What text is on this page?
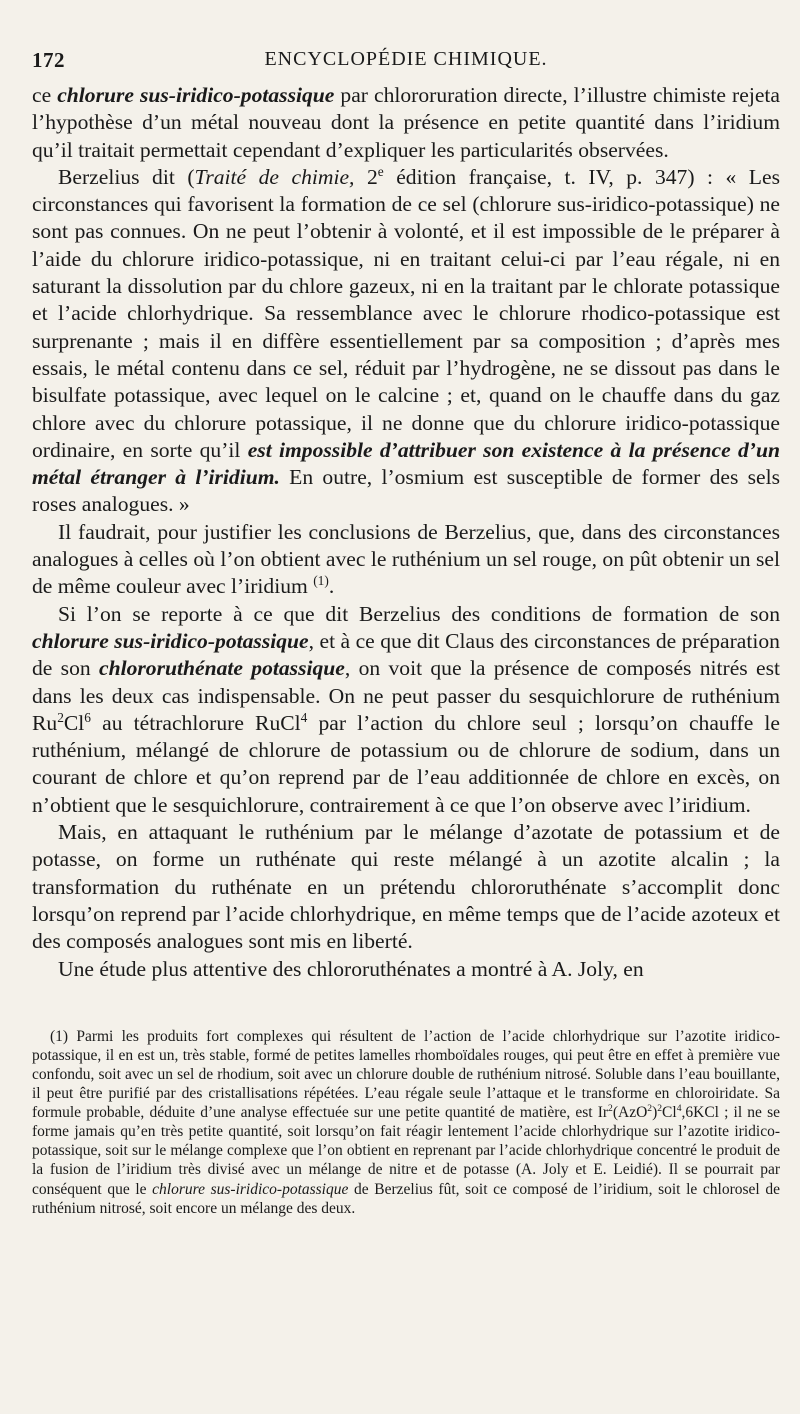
172	ENCYCLOPÉDIE CHIMIQUE.

ce chlorure sus-iridico-potassique par chlororuration directe, l’illustre chimiste rejeta l’hypothèse d’un métal nouveau dont la présence en petite quantité dans l’iridium qu’il traitait permettait cependant d’expliquer les particularités observées.

Berzelius dit (Traité de chimie, 2e édition française, t. IV, p. 347) : « Les circonstances qui favorisent la formation de ce sel (chlorure sus-iridico-potassique) ne sont pas connues. On ne peut l’obtenir à volonté, et il est impossible de le préparer à l’aide du chlorure iridico-potassique, ni en traitant celui-ci par l’eau régale, ni en saturant la dissolution par du chlore gazeux, ni en la traitant par le chlorate potassique et l’acide chlorhydrique. Sa ressemblance avec le chlorure rhodico-potassique est surprenante ; mais il en diffère essentiellement par sa composition ; d’après mes essais, le métal contenu dans ce sel, réduit par l’hydrogène, ne se dissout pas dans le bisulfate potassique, avec lequel on le calcine ; et, quand on le chauffe dans du gaz chlore avec du chlorure potassique, il ne donne que du chlorure iridico-potassique ordinaire, en sorte qu’il est impossible d’attribuer son existence à la présence d’un métal étranger à l’iridium. En outre, l’osmium est susceptible de former des sels roses analogues. »

Il faudrait, pour justifier les conclusions de Berzelius, que, dans des circonstances analogues à celles où l’on obtient avec le ruthénium un sel rouge, on pût obtenir un sel de même couleur avec l’iridium $^{(1)}$.

Si l’on se reporte à ce que dit Berzelius des conditions de formation de son chlorure sus-iridico-potassique, et à ce que dit Claus des circonstances de préparation de son chlororuthénate potassique, on voit que la présence de composés nitrés est dans les deux cas indispensable. On ne peut passer du sesquichlorure de ruthénium Ru$^2$Cl$^6$ au tétrachlorure RuCl$^4$ par l’action du chlore seul ; lorsqu’on chauffe le ruthénium, mélangé de chlorure de potassium ou de chlorure de sodium, dans un courant de chlore et qu’on reprend par de l’eau additionnée de chlore en excès, on n’obtient que le sesquichlorure, contrairement à ce que l’on observe avec l’iridium.

Mais, en attaquant le ruthénium par le mélange d’azotate de potassium et de potasse, on forme un ruthénate qui reste mélangé à un azotite alcalin ; la transformation du ruthénate en un prétendu chlororuthénate s’accomplit donc lorsqu’on reprend par l’acide chlorhydrique, en même temps que de l’acide azoteux et des composés analogues sont mis en liberté.

Une étude plus attentive des chlororuthénates a montré à A. Joly, en

(1) Parmi les produits fort complexes qui résultent de l’action de l’acide chlorhydrique sur l’azotite iridico-potassique, il en est un, très stable, formé de petites lamelles rhomboïdales rouges, qui peut être en effet à première vue confondu, soit avec un sel de rhodium, soit avec un chlorure double de ruthénium nitrosé. Soluble dans l’eau bouillante, il peut être purifié par des cristallisations répétées. L’eau régale seule l’attaque et le transforme en chloroiridate. Sa formule probable, déduite d’une analyse effectuée sur une petite quantité de matière, est $Ir^2(AzO^2)^2Cl^4,6KCl$ ; il ne se forme jamais qu’en très petite quantité, soit lorsqu’on fait réagir lentement l’acide chlorhydrique sur l’azotite iridico-potassique, soit sur le mélange complexe que l’on obtient en reprenant par l’acide chlorhydrique concentré le produit de la fusion de l’iridium très divisé avec un mélange de nitre et de potasse (A. Joly et E. Leidié). Il se pourrait par conséquent que le chlorure sus-iridico-potassique de Berzelius fût, soit ce composé de l’iridium, soit le chlorosel de ruthénium nitrosé, soit encore un mélange des deux.
